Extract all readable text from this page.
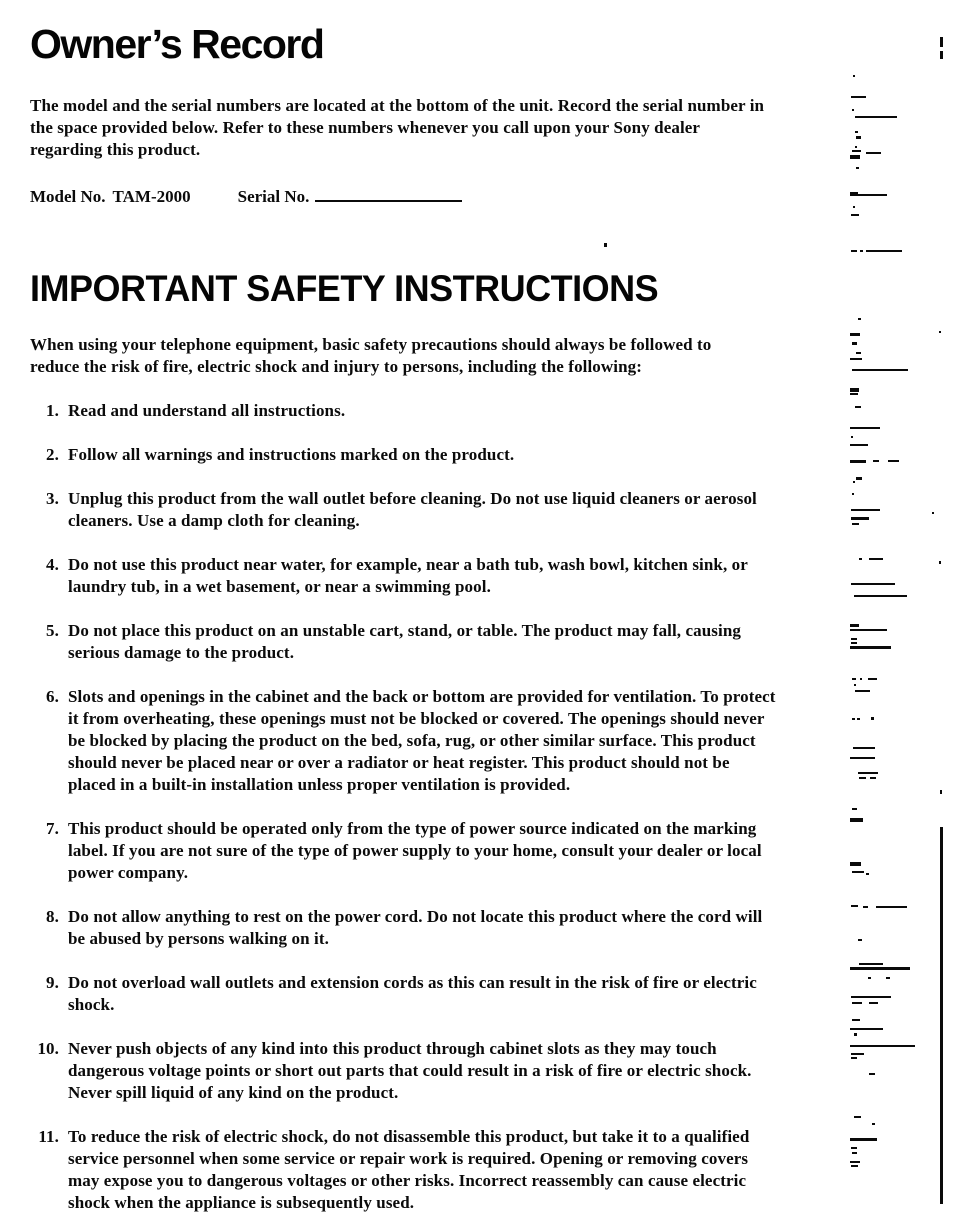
Owner’s Record
The model and the serial numbers are located at the bottom of the unit. Record the serial number in
the space provided below. Refer to these numbers whenever you call upon your Sony dealer
regarding this product.
Model No. TAM-2000	Serial No.
IMPORTANT SAFETY INSTRUCTIONS
When using your telephone equipment, basic safety precautions should always be followed to
reduce the risk of fire, electric shock and injury to persons, including the following:
1. Read and understand all instructions.
2. Follow all warnings and instructions marked on the product.
3. Unplug this product from the wall outlet before cleaning. Do not use liquid cleaners or aerosol
cleaners. Use a damp cloth for cleaning.
4. Do not use this product near water, for example, near a bath tub, wash bowl, kitchen sink, or
laundry tub, in a wet basement, or near a swimming pool.
5. Do not place this product on an unstable cart, stand, or table. The product may fall, causing
serious damage to the product.
6. Slots and openings in the cabinet and the back or bottom are provided for ventilation. To protect
it from overheating, these openings must not be blocked or covered. The openings should never
be blocked by placing the product on the bed, sofa, rug, or other similar surface. This product
should never be placed near or over a radiator or heat register. This product should not be
placed in a built-in installation unless proper ventilation is provided.
7. This product should be operated only from the type of power source indicated on the marking
label. If you are not sure of the type of power supply to your home, consult your dealer or local
power company.
8. Do not allow anything to rest on the power cord. Do not locate this product where the cord will
be abused by persons walking on it.
9. Do not overload wall outlets and extension cords as this can result in the risk of fire or electric
shock.
10. Never push objects of any kind into this product through cabinet slots as they may touch
dangerous voltage points or short out parts that could result in a risk of fire or electric shock.
Never spill liquid of any kind on the product.
11. To reduce the risk of electric shock, do not disassemble this product, but take it to a qualified
service personnel when some service or repair work is required. Opening or removing covers
may expose you to dangerous voltages or other risks. Incorrect reassembly can cause electric
shock when the appliance is subsequently used.
